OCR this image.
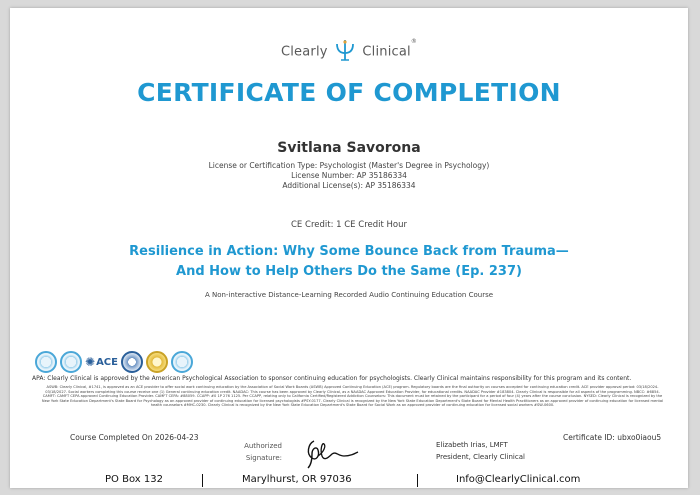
Clearly	Clinical®
CERTIFICATE OF COMPLETION
Svitlana Savorona
License or Certification Type: Psychologist (Master's Degree in Psychology)
License Number: AP 35186334
Additional License(s): AP 35186334
CE Credit: 1 CE Credit Hour
Resilience in Action: Why Some Bounce Back from Trauma—
And How to Help Others Do the Same (Ep. 237)
A Non-interactive Distance-Learning Recorded Audio Continuing Education Course
✺ ACE
APA: Clearly Clinical is approved by the American Psychological Association to sponsor continuing education for psychologists. Clearly Clinical maintains responsibility for this program and its content.
ASWB: Clearly Clinical, #1741, is approved as an ACE provider to offer social work continuing education by the Association of Social Work Boards (ASWB) Approved Continuing Education (ACE) program. Regulatory boards are the final authority on courses accepted for continuing education credit. ACE provider approval period: 03/18/2024-03/18/2027. Social workers completing this course receive one (1) General continuing education credit. NAADAC: This course has been approved by Clearly Clinical, as a NAADAC Approved Education Provider, for educational credits. NAADAC Provider #183804. Clearly Clinical is responsible for all aspects of the programming. NBCC: #6854. CAMFT: CAMFT CEPA approved Continuing Education Provider. CAMFT CEPA: #88059. CCAPP: #0 1P 276 1125. Per CCAPP, relating only to California Certified/Registered Addiction Counselors: This document must be retained by the participant for a period of four (4) years after the course conclusion. NYSED: Clearly Clinical is recognized by the New York State Education Department's State Board for Psychology as an approved provider of continuing education for licensed psychologists #PSY-0177. Clearly Clinical is recognized by the New York State Education Department's State Board for Mental Health Practitioners as an approved provider of continuing education for licensed mental health counselors #MHC-0230. Clearly Clinical is recognized by the New York State Education Department's State Board for Social Work as an approved provider of continuing education for licensed social workers #SW-0600.
Course Completed On 2026-04-23	Certificate ID: ubxo0iaou5
Authorized
Signature:
Elizabeth Irias, LMFT
President, Clearly Clinical
PO Box 132	Marylhurst, OR 97036	Info@ClearlyClinical.com
